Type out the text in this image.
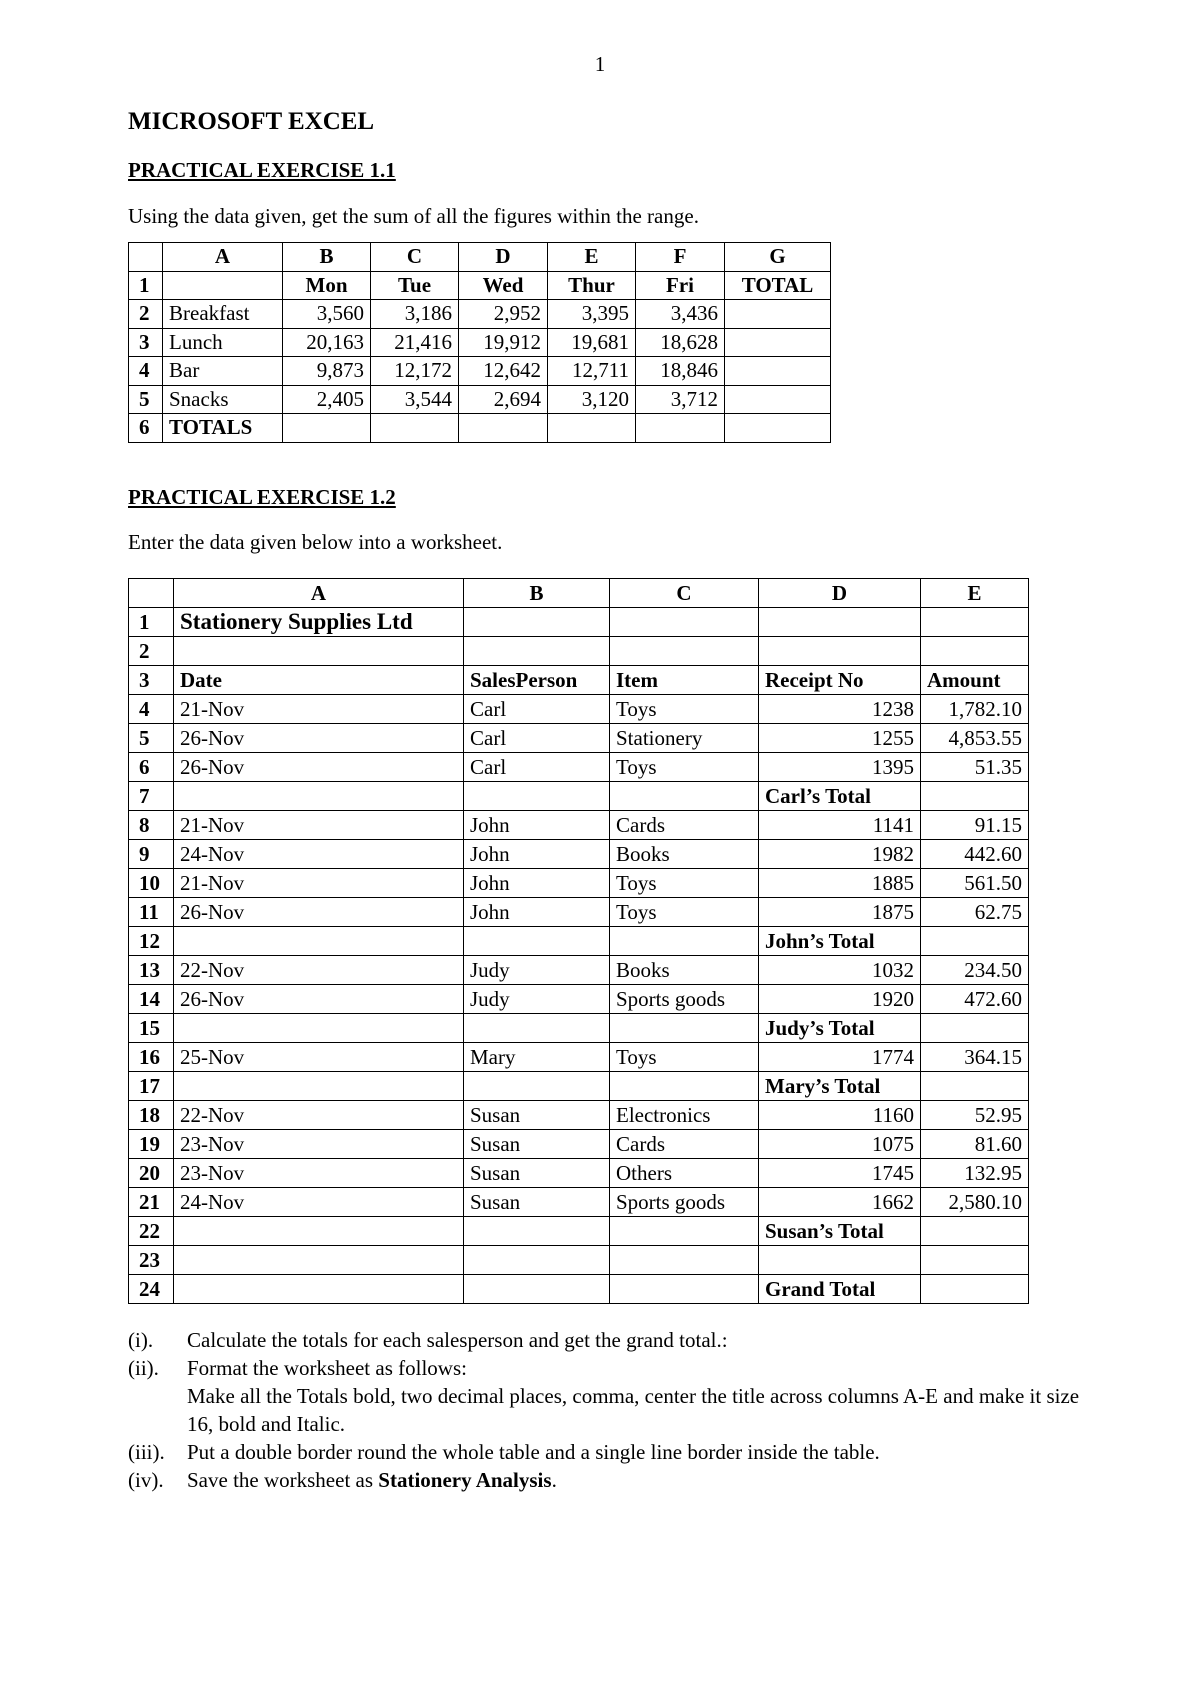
1
MICROSOFT EXCEL
PRACTICAL EXERCISE 1.1
Using the data given, get the sum of all the figures within the range.
	A	B	C	D	E	F	G
1		Mon	Tue	Wed	Thur	Fri	TOTAL
2	Breakfast	3,560	3,186	2,952	3,395	3,436	
3	Lunch	20,163	21,416	19,912	19,681	18,628	
4	Bar	9,873	12,172	12,642	12,711	18,846	
5	Snacks	2,405	3,544	2,694	3,120	3,712	
6	TOTALS						
PRACTICAL EXERCISE 1.2
Enter the data given below into a worksheet.
	A	B	C	D	E
1	Stationery Supplies Ltd				
2					
3	Date	SalesPerson	Item	Receipt No	Amount
4	21-Nov	Carl	Toys	1238	1,782.10
5	26-Nov	Carl	Stationery	1255	4,853.55
6	26-Nov	Carl	Toys	1395	51.35
7				Carl’s Total	
8	21-Nov	John	Cards	1141	91.15
9	24-Nov	John	Books	1982	442.60
10	21-Nov	John	Toys	1885	561.50
11	26-Nov	John	Toys	1875	62.75
12				John’s Total	
13	22-Nov	Judy	Books	1032	234.50
14	26-Nov	Judy	Sports goods	1920	472.60
15				Judy’s Total	
16	25-Nov	Mary	Toys	1774	364.15
17				Mary’s Total	
18	22-Nov	Susan	Electronics	1160	52.95
19	23-Nov	Susan	Cards	1075	81.60
20	23-Nov	Susan	Others	1745	132.95
21	24-Nov	Susan	Sports goods	1662	2,580.10
22				Susan’s Total	
23					
24				Grand Total	
(i).	Calculate the totals for each salesperson and get the grand total.:
(ii).	Format the worksheet as follows:
Make all the Totals bold, two decimal places, comma, center the title across columns A-E and make it size 16, bold and Italic.
(iii).	Put a double border round the whole table and a single line border inside the table.
(iv).	Save the worksheet as Stationery Analysis.
